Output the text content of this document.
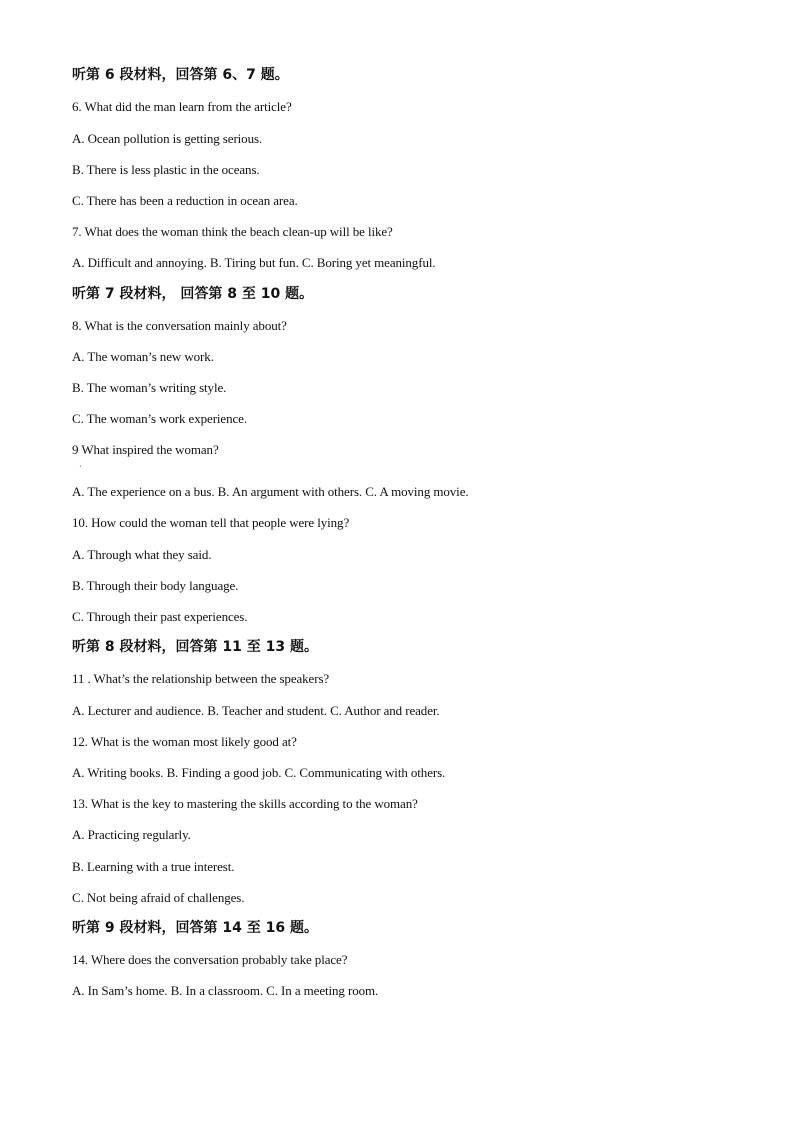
听第 6 段材料，回答第 6、7 题。
6. What did the man learn from the article?
A. Ocean pollution is getting serious.
B. There is less plastic in the oceans.
C. There has been a reduction in ocean area.
7. What does the woman think the beach clean-up will be like?
A. Difficult and annoying. B. Tiring but fun. C. Boring yet meaningful.
听第 7 段材料， 回答第 8 至 10 题。
8. What is the conversation mainly about?
A. The woman’s new work.
B. The woman’s writing style.
C. The woman’s work experience.
9 What inspired the woman?
·
A. The experience on a bus. B. An argument with others. C. A moving movie.
10. How could the woman tell that people were lying?
A. Through what they said.
B. Through their body language.
C. Through their past experiences.
听第 8 段材料，回答第 11 至 13 题。
11 . What’s the relationship between the speakers?
A. Lecturer and audience. B. Teacher and student. C. Author and reader.
12. What is the woman most likely good at?
A. Writing books. B. Finding a good job. C. Communicating with others.
13. What is the key to mastering the skills according to the woman?
A. Practicing regularly.
B. Learning with a true interest.
C. Not being afraid of challenges.
听第 9 段材料，回答第 14 至 16 题。
14. Where does the conversation probably take place?
A. In Sam’s home. B. In a classroom. C. In a meeting room.
